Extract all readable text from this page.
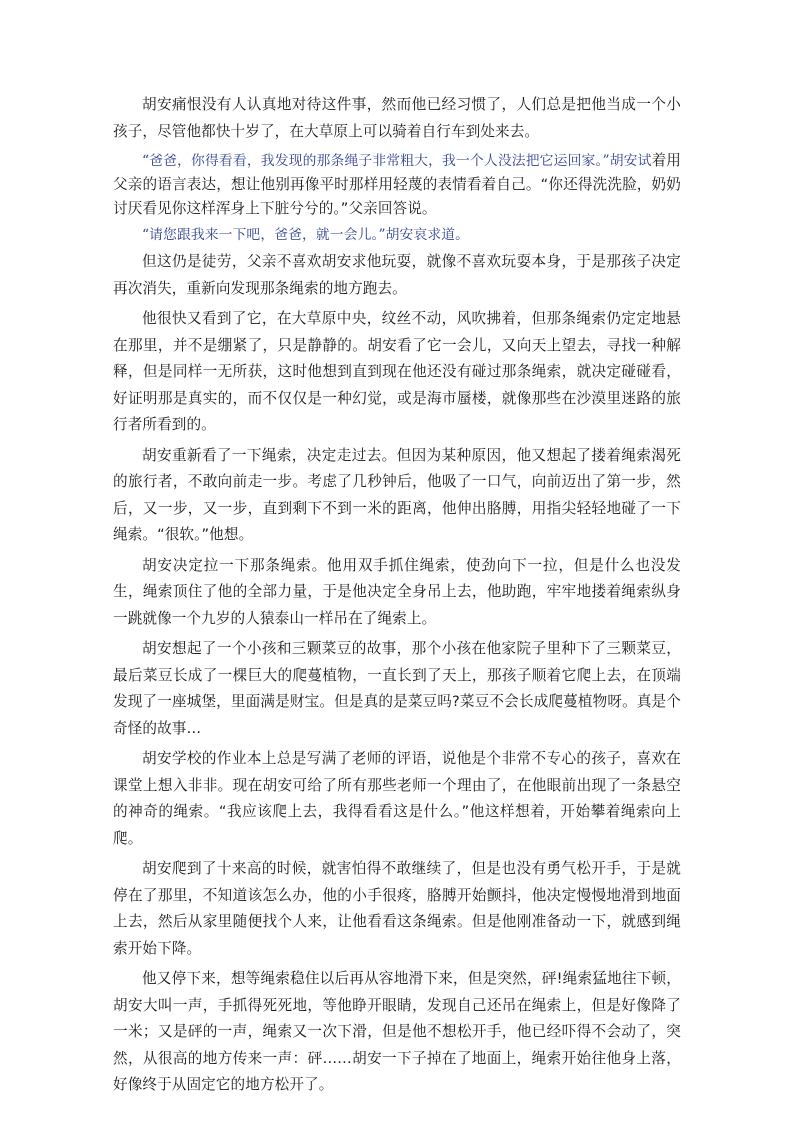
胡安痛恨没有人认真地对待这件事，然而他已经习惯了，人们总是把他当成一个小孩子，尽管他都快十岁了，在大草原上可以骑着自行车到处来去。

“爸爸，你得看看，我发现的那条绳子非常粗大，我一个人没法把它运回家。”胡安试着用父亲的语言表达，想让他别再像平时那样用轻蔑的表情看着自己。“你还得洗洗脸，奶奶讨厌看见你这样浑身上下脏兮兮的。”父亲回答说。

“请您跟我来一下吧，爸爸，就一会儿。”胡安哀求道。

但这仍是徒劳，父亲不喜欢胡安求他玩耍，就像不喜欢玩耍本身，于是那孩子决定再次消失，重新向发现那条绳索的地方跑去。

他很快又看到了它，在大草原中央，纹丝不动，风吹拂着，但那条绳索仍定定地悬在那里，并不是绷紧了，只是静静的。胡安看了它一会儿，又向天上望去，寻找一种解释，但是同样一无所获，这时他想到直到现在他还没有碰过那条绳索，就决定碰碰看，好证明那是真实的，而不仅仅是一种幻觉，或是海市蜃楼，就像那些在沙漠里迷路的旅行者所看到的。

胡安重新看了一下绳索，决定走过去。但因为某种原因，他又想起了搂着绳索渴死的旅行者，不敢向前走一步。考虑了几秒钟后，他吸了一口气，向前迈出了第一步，然后，又一步，又一步，直到剩下不到一米的距离，他伸出胳膊，用指尖轻轻地碰了一下绳索。“很软。”他想。

胡安决定拉一下那条绳索。他用双手抓住绳索，使劲向下一拉，但是什么也没发生，绳索顶住了他的全部力量，于是他决定全身吊上去，他助跑，牢牢地搂着绳索纵身一跳就像一个九岁的人猿泰山一样吊在了绳索上。

胡安想起了一个小孩和三颗菜豆的故事，那个小孩在他家院子里种下了三颗菜豆，最后菜豆长成了一棵巨大的爬蔓植物，一直长到了天上，那孩子顺着它爬上去，在顶端发现了一座城堡，里面满是财宝。但是真的是菜豆吗?菜豆不会长成爬蔓植物呀。真是个奇怪的故事…

胡安学校的作业本上总是写满了老师的评语，说他是个非常不专心的孩子，喜欢在课堂上想入非非。现在胡安可给了所有那些老师一个理由了，在他眼前出现了一条悬空的神奇的绳索。“我应该爬上去，我得看看这是什么。”他这样想着，开始攀着绳索向上爬。

胡安爬到了十来高的时候，就害怕得不敢继续了，但是也没有勇气松开手，于是就停在了那里，不知道该怎么办，他的小手很疼，胳膊开始颤抖，他决定慢慢地滑到地面上去，然后从家里随便找个人来，让他看看这条绳索。但是他刚准备动一下，就感到绳索开始下降。

他又停下来，想等绳索稳住以后再从容地滑下来，但是突然，砰!绳索猛地往下顿，胡安大叫一声，手抓得死死地，等他睁开眼睛，发现自己还吊在绳索上，但是好像降了一米；又是砰的一声，绳索又一次下滑，但是他不想松开手，他已经吓得不会动了，突然，从很高的地方传来一声：砰……胡安一下子掉在了地面上，绳索开始往他身上落，好像终于从固定它的地方松开了。
